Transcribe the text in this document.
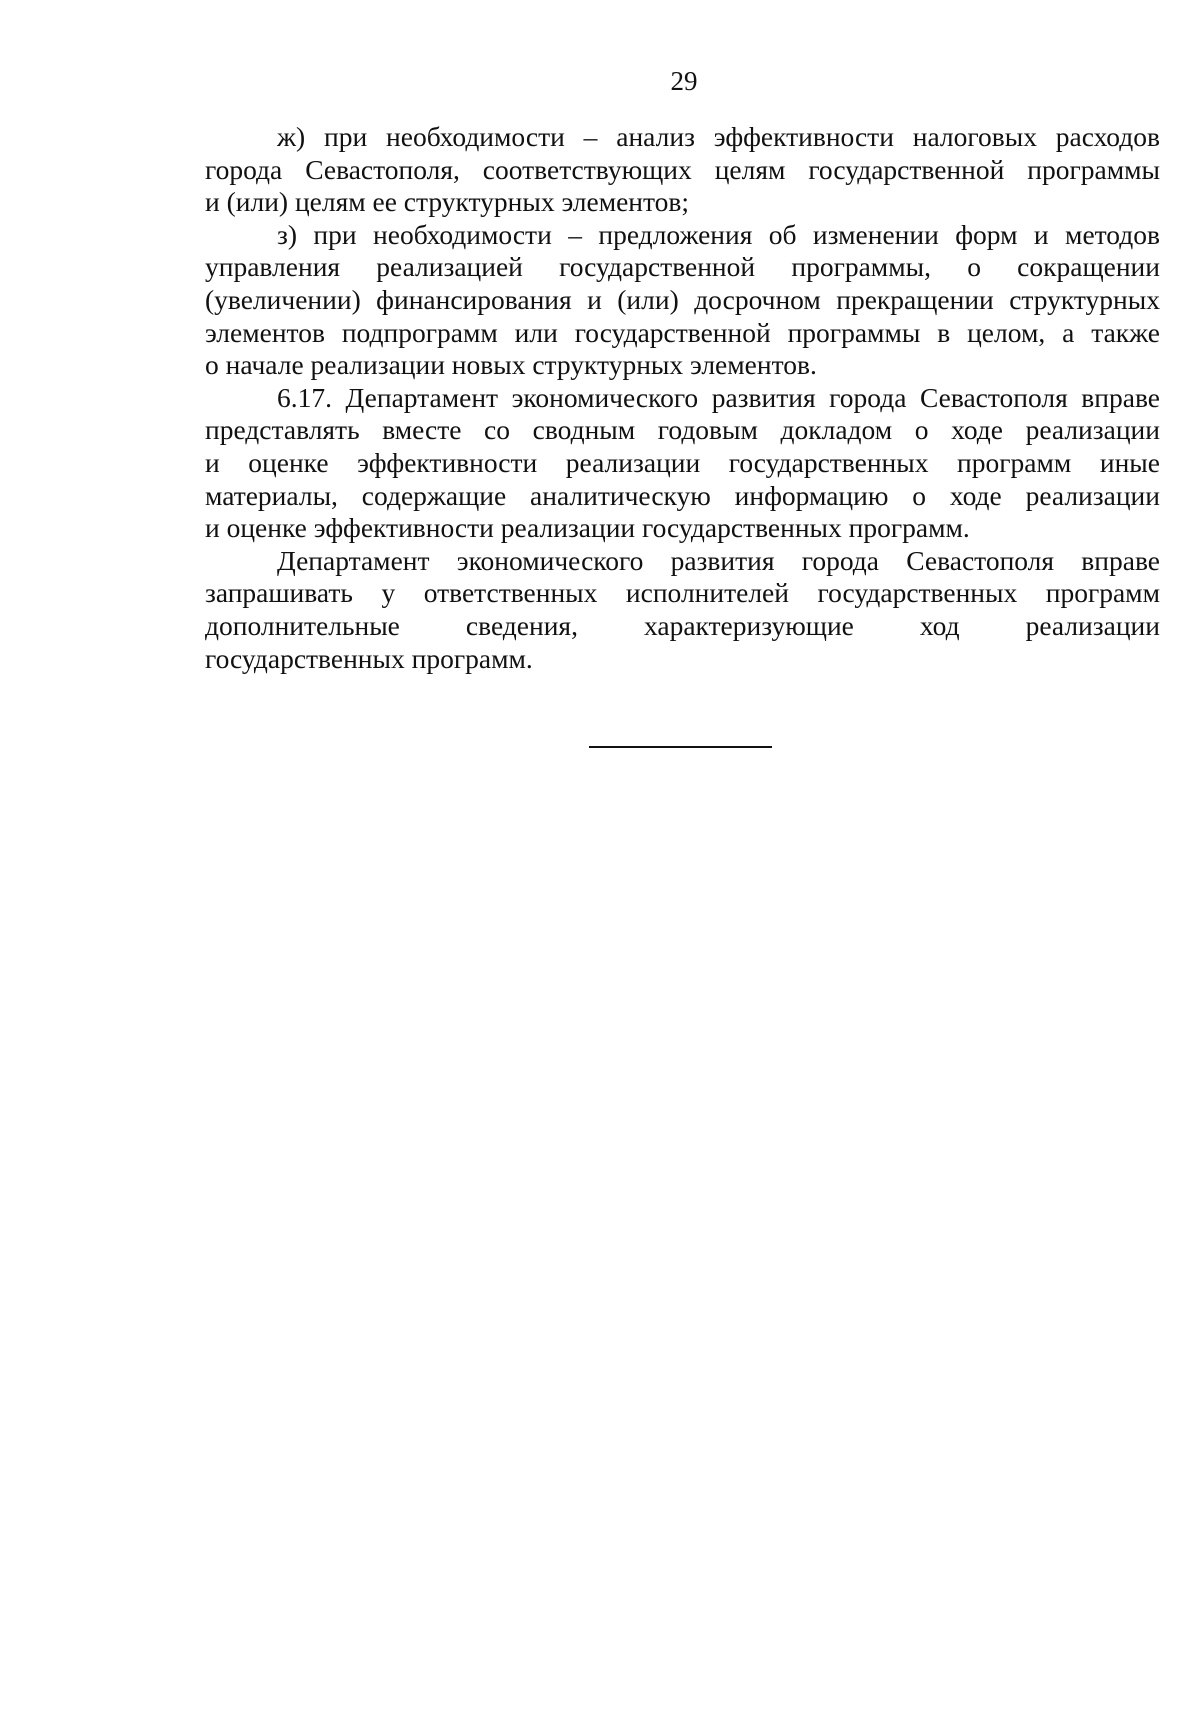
29
ж) при необходимости – анализ эффективности налоговых расходов
города Севастополя, соответствующих целям государственной программы
и (или) целям ее структурных элементов;
з) при необходимости – предложения об изменении форм и методов
управления реализацией государственной программы, о сокращении
(увеличении) финансирования и (или) досрочном прекращении структурных
элементов подпрограмм или государственной программы в целом, а также
о начале реализации новых структурных элементов.
6.17. Департамент экономического развития города Севастополя вправе
представлять вместе со сводным годовым докладом о ходе реализации
и оценке эффективности реализации государственных программ иные
материалы, содержащие аналитическую информацию о ходе реализации
и оценке эффективности реализации государственных программ.
Департамент экономического развития города Севастополя вправе
запрашивать у ответственных исполнителей государственных программ
дополнительные сведения, характеризующие ход реализации
государственных программ.
